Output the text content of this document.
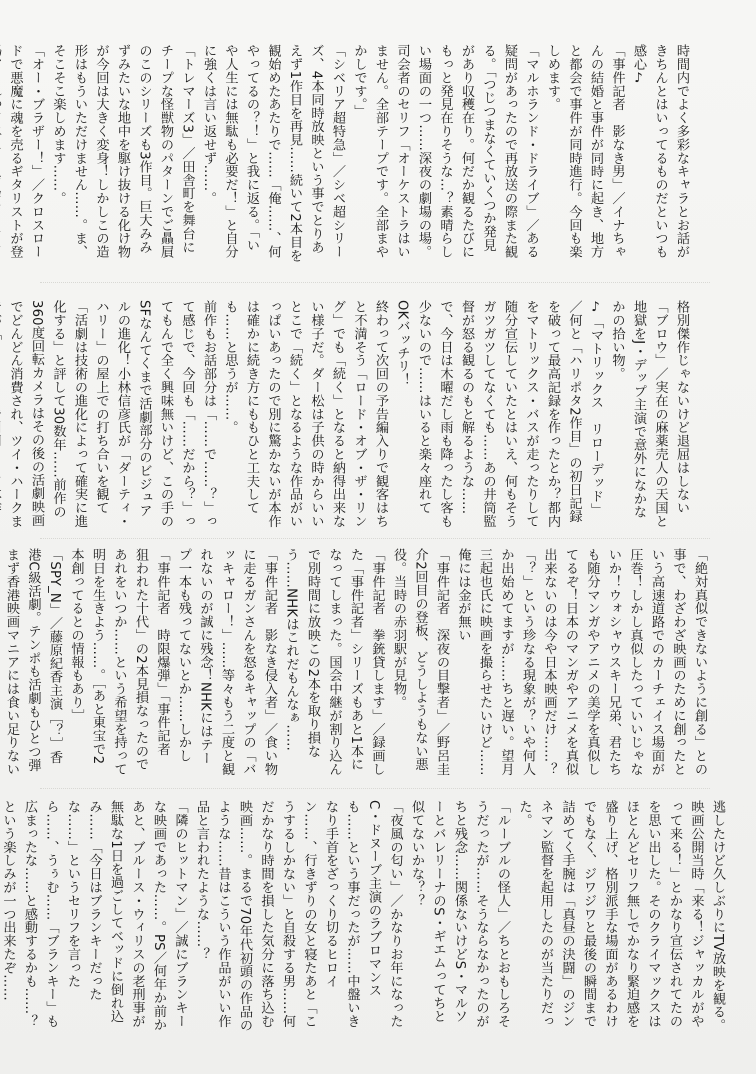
時間内でよく多彩なキャラとお話がきちんとはいってるものだといつも感心♪
「事件記者　影なき男」／イナちゃんの結婚と事件が同時に起き、地方と都会で事件が同時進行。今回も楽しめます。
「マルホランド・ドライブ」／ある疑問があったので再放送の際また観る。「つじつまなくていくつか発見があり収穫在り。何だか観るたびにもっと発見在りそうな…？素晴らしい場面の一つ……深夜の劇場の場。司会者のセリフ「オーケストラはいません。全部テープです。全部まやかしです。」
「シベリア超特急」／シベ超シリーズ、4本同時放映という事でとりあえず1作目を再見……続いて2本目を観始めたあたりで……「俺……、何やってるの？！」と我に返る。「いや人生には無駄も必要だ！」と自分に強くは言い返せず……。
「トレマーズ3」／田舎町を舞台にチープな怪獣物のパターンでご贔屓のこのシリーズも3作目。巨大みみずみたいな地中を駆け抜ける化け物が今回は大きく変身！しかしこの造形はもういただけません……。ま、そこそこ楽しめます……。
「オー・ブラザー！」／クロスロードで悪魔に魂を売るギタリストが登
格別傑作じゃないけど退屈はしない
「ブロウ」／実在の麻薬売人の天国と地獄をJ・デップ主演で意外になかなかの拾い物。
♪「マトリックス　リローデッド」／何と「ハリポタ2作目」の初日記録を破って最高記録を作ったとか？都内をマトリックス・バスが走ったりして随分宣伝していたとはいえ、何もそうガツガツしてなくても……あの井筒監督が怒る観るのもと解るような……で、今日は木曜だし雨も降ったし客も少ないので……はいると楽々座れてOKバッチリ！
終わって次回の予告編入りで観客はちと不満そう「ロード・オブ・ザ・リング」でも「続く」となると納得出来ない様子だ。ダー松は子供の時からいいとこで「続く」となるような作品がいっぱいあったので別に驚かないが本作は確かに続き方にももひと工夫しても……と思うが……。
前作もお話部分は「……で……？」って感じで、今回も「……だから？」ってもんで全く興味無いけど、この手のSFなんてくまで活劇部分のビジュアルの進化！小林信彦氏が「ダーティ・ハリー」の屋上での打ち合いを観て「活劇は技術の進化によって確実に進化する」と評して30数年……前作の360度回転カメラはその後の活劇映画でどんどん消費され、ツイ・ハークま
「絶対真似できないように創る」との事で、わざわざ映画のために創ったという高速道路でのカーチェイス場面が圧巻！しかし真似したっていいじゃないか！ウォシャウスキー兄弟、君たちも随分マンガやアニメの美学を真似してるぞ！日本のマンガやアニメを真似出来ないのは今や日本映画だけ……？
「？」という珍なる現象が？いや何人か出始めてますが……ちと遅い。望月三起也氏に映画を撮らせたいけど……俺には金が無い
「事件記者　深夜の目撃者」／野呂圭介2回目の登板、どうしようもない悪役。当時の赤羽駅が見物。
「事件記者　拳銃貸します」／録画した「事件記者」シリーズもあと1本になってしまった。国会中継が割り込んで別時間に放映この2本を取り損なう……NHKはこれだもんなぁ……
「事件記者　影なき侵入者」／食い物に走るガンさんを怒るキャップの「バッキャロー！」……等々もう二度と観れないのが誠に残念！NHKにはテープ一本も残ってないとか……しかし「事件記者　時限爆弾」「事件記者　狙われた十代」の2本見損なったのであれをいつか……という希望を持って明日を生きよう……。［あと東宝で2本創ってるとの情報もあり］
「SPY_N」／藤原紀香主演［？］香港C級活劇。テンポも活劇もひとつ弾まず香港映画マニアには食い足りない

逃したけど久しぶりにTV放映を観る。映画公開当時「来る！ジャッカルがやって来る！」とかなり宣伝されてたのを思い出した。そのクライマックスはほとんどセリフ無しでかなり緊迫感を盛り上げ、格別派手な場面があるわけでもなく、ジワジワと最後の瞬間まで詰めてく手腕は「真昼の決闘」のジンネマン監督を起用したのが当たりだった。
「ルーブルの怪人」／ちとおもしろそうだったが……そうならなかったのがちと残念……関係ないけどS・マルソーとバレリーナのS・ギエムってちと似てないかな？？
「夜風の匂い」／かなりお年になったC・ドヌーブ主演のラブロマンスも……という事だったが……中盤いきなり手首をざっくり切るヒロイン……、行きずりの女と寝たあと「こうするしかない」と自殺する男……何だかなり時間を損した気分に落ち込む映画……。まるで70年代初頭の作品のような……昔はこういう作品がいい作品と言われたような……？
「隣のヒットマン」／誠にブランキーな映画であった……。PS／何年か前かあと、ブルース・ウィリスの老刑事が無駄な1日を過ごしてベッドに倒れ込み……「今日はブランキーだったな……」というセリフを言ったら……、うぅむ……「ブランキー」も広まったな……と感動するかも……？という楽しみが一つ出来たぞ……
